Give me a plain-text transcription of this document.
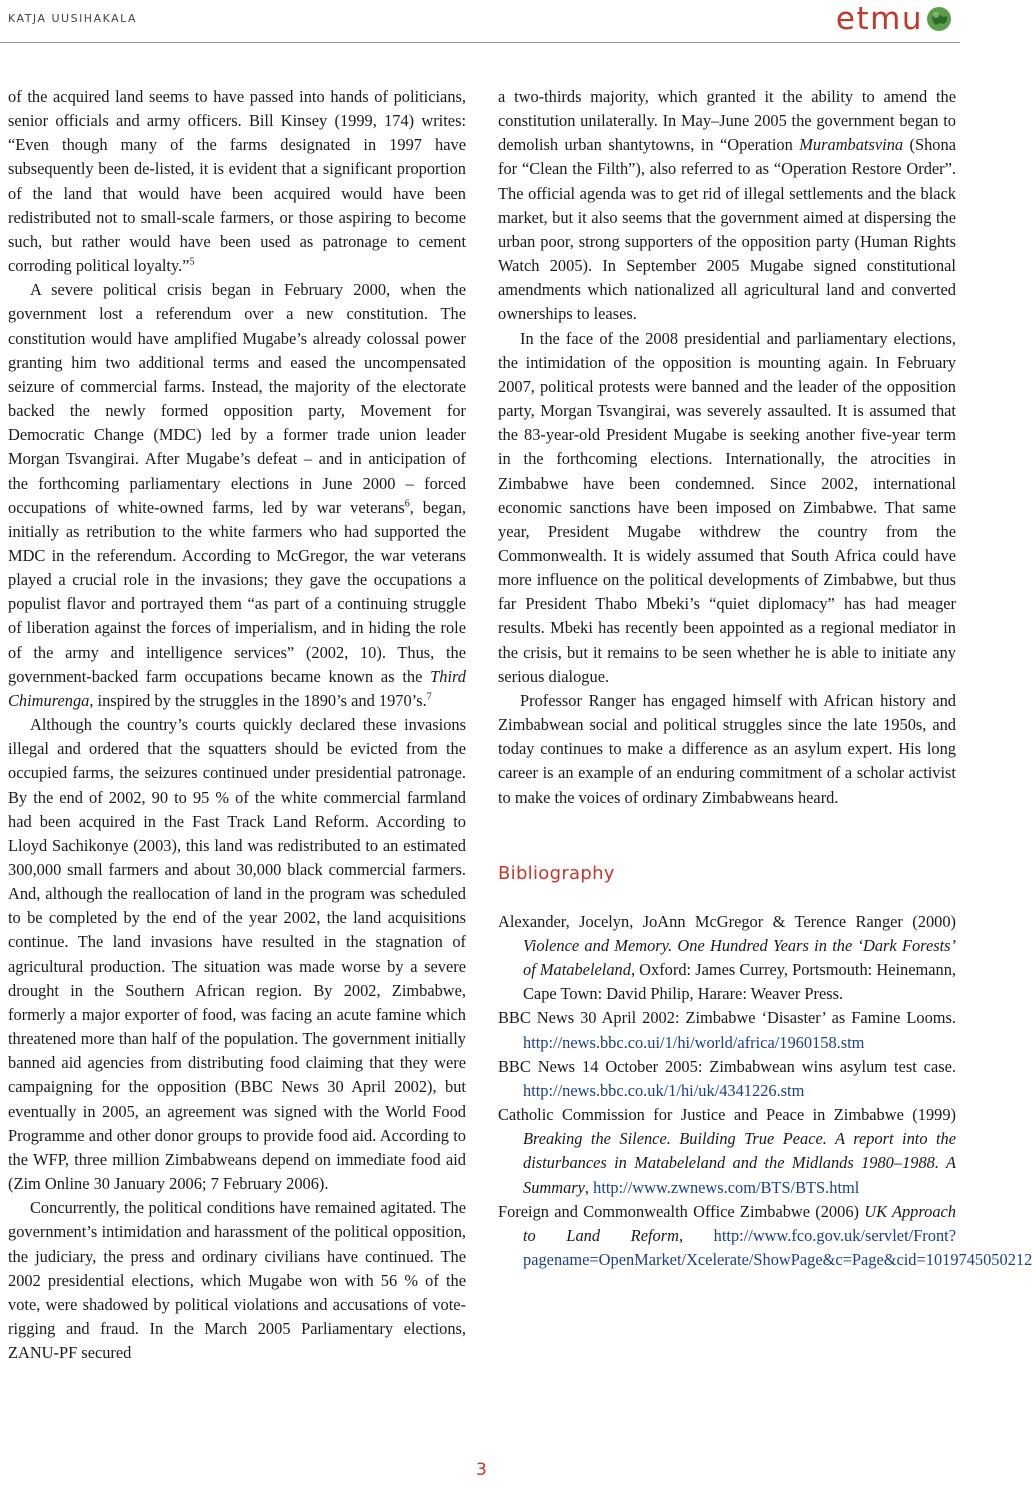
KATJA UUSIHAKALA	etmu

of the acquired land seems to have passed into hands of politicians, senior officials and army officers. Bill Kinsey (1999, 174) writes: “Even though many of the farms designated in 1997 have subsequently been de-listed, it is evident that a significant proportion of the land that would have been acquired would have been redistributed not to small-scale farmers, or those aspiring to become such, but rather would have been used as patronage to cement corroding political loyalty.”$^5$

A severe political crisis began in February 2000, when the government lost a referendum over a new constitution. The constitution would have amplified Mugabe’s already colossal power granting him two additional terms and eased the uncompensated seizure of commercial farms. Instead, the majority of the electorate backed the newly formed opposition party, Movement for Democratic Change (MDC) led by a former trade union leader Morgan Tsvangirai. After Mugabe’s defeat – and in anticipation of the forthcoming parliamentary elections in June 2000 – forced occupations of white-owned farms, led by war veterans$^6$, began, initially as retribution to the white farmers who had supported the MDC in the referendum. According to McGregor, the war veterans played a crucial role in the invasions; they gave the occupations a populist flavor and portrayed them “as part of a continuing struggle of liberation against the forces of imperialism, and in hiding the role of the army and intelligence services” (2002, 10). Thus, the government-backed farm occupations became known as the Third Chimurenga, inspired by the struggles in the 1890’s and 1970’s.$^7$

Although the country’s courts quickly declared these invasions illegal and ordered that the squatters should be evicted from the occupied farms, the seizures continued under presidential patronage. By the end of 2002, 90 to 95 % of the white commercial farmland had been acquired in the Fast Track Land Reform. According to Lloyd Sachikonye (2003), this land was redistributed to an estimated 300,000 small farmers and about 30,000 black commercial farmers. And, although the reallocation of land in the program was scheduled to be completed by the end of the year 2002, the land acquisitions continue. The land invasions have resulted in the stagnation of agricultural production. The situation was made worse by a severe drought in the Southern African region. By 2002, Zimbabwe, formerly a major exporter of food, was facing an acute famine which threatened more than half of the population. The government initially banned aid agencies from distributing food claiming that they were campaigning for the opposition (BBC News 30 April 2002), but eventually in 2005, an agreement was signed with the World Food Programme and other donor groups to provide food aid. According to the WFP, three million Zimbabweans depend on immediate food aid (Zim Online 30 January 2006; 7 February 2006).

Concurrently, the political conditions have remained agitated. The government’s intimidation and harassment of the political opposition, the judiciary, the press and ordinary civilians have continued. The 2002 presidential elections, which Mugabe won with 56 % of the vote, were shadowed by political violations and accusations of vote-rigging and fraud. In the March 2005 Parliamentary elections, ZANU-PF secured

a two-thirds majority, which granted it the ability to amend the constitution unilaterally. In May–June 2005 the government began to demolish urban shantytowns, in “Operation Murambatsvina (Shona for “Clean the Filth”), also referred to as “Operation Restore Order”. The official agenda was to get rid of illegal settlements and the black market, but it also seems that the government aimed at dispersing the urban poor, strong supporters of the opposition party (Human Rights Watch 2005). In September 2005 Mugabe signed constitutional amendments which nationalized all agricultural land and converted ownerships to leases.

In the face of the 2008 presidential and parliamentary elections, the intimidation of the opposition is mounting again. In February 2007, political protests were banned and the leader of the opposition party, Morgan Tsvangirai, was severely assaulted. It is assumed that the 83-year-old President Mugabe is seeking another five-year term in the forthcoming elections. Internationally, the atrocities in Zimbabwe have been condemned. Since 2002, international economic sanctions have been imposed on Zimbabwe. That same year, President Mugabe withdrew the country from the Commonwealth. It is widely assumed that South Africa could have more influence on the political developments of Zimbabwe, but thus far President Thabo Mbeki’s “quiet diplomacy” has had meager results. Mbeki has recently been appointed as a regional mediator in the crisis, but it remains to be seen whether he is able to initiate any serious dialogue.

Professor Ranger has engaged himself with African history and Zimbabwean social and political struggles since the late 1950s, and today continues to make a difference as an asylum expert. His long career is an example of an enduring commitment of a scholar activist to make the voices of ordinary Zimbabweans heard.

Bibliography

Alexander, Jocelyn, JoAnn McGregor & Terence Ranger (2000) Violence and Memory. One Hundred Years in the ‘Dark Forests’ of Matabeleland, Oxford: James Currey, Portsmouth: Heinemann, Cape Town: David Philip, Harare: Weaver Press.

BBC News 30 April 2002: Zimbabwe ‘Disaster’ as Famine Looms. http://news.bbc.co.ui/1/hi/world/africa/1960158.stm

BBC News 14 October 2005: Zimbabwean wins asylum test case. http://news.bbc.co.uk/1/hi/uk/4341226.stm

Catholic Commission for Justice and Peace in Zimbabwe (1999) Breaking the Silence. Building True Peace. A report into the disturbances in Matabeleland and the Midlands 1980–1988. A Summary, http://www.zwnews.com/BTS/BTS.html

Foreign and Commonwealth Office Zimbabwe (2006) UK Approach to Land Reform, http://www.fco.gov.uk/servlet/Front?pagename=OpenMarket/Xcelerate/ShowPage&c=Page&cid=1019745050212

3
